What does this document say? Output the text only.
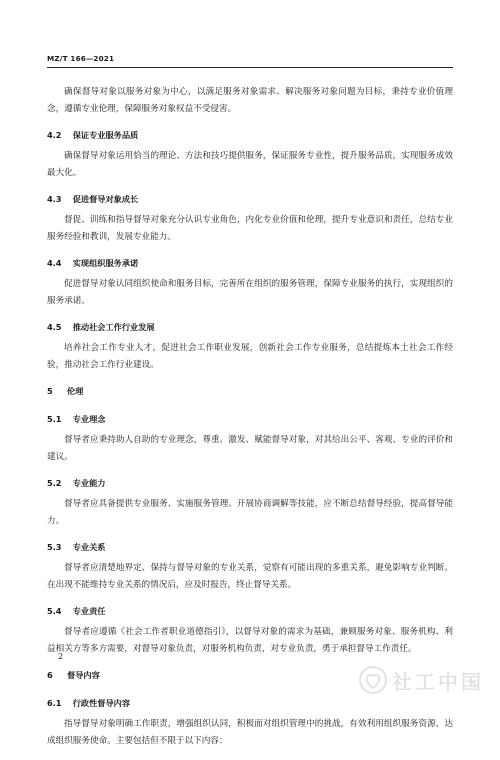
MZ/T 166—2021

确保督导对象以服务对象为中心，以满足服务对象需求、解决服务对象问题为目标，秉持专业价值理念，遵循专业伦理，保障服务对象权益不受侵害。

4.2 保证专业服务品质

确保督导对象运用恰当的理论、方法和技巧提供服务，保证服务专业性，提升服务品质，实现服务成效最大化。

4.3 促进督导对象成长

督促、训练和指导督导对象充分认识专业角色，内化专业价值和伦理，提升专业意识和责任，总结专业服务经验和教训，发展专业能力。

4.4 实现组织服务承诺

促进督导对象认同组织使命和服务目标，完善所在组织的服务管理，保障专业服务的执行，实现组织的服务承诺。

4.5 推动社会工作行业发展

培养社会工作专业人才，促进社会工作职业发展，创新社会工作专业服务，总结提炼本土社会工作经验，推动社会工作行业建设。

5 伦理
5.1 专业理念

督导者应秉持助人自助的专业理念，尊重、激发、赋能督导对象，对其给出公平、客观、专业的评价和建议。

5.2 专业能力

督导者应具备提供专业服务、实施服务管理、开展协商调解等技能，应不断总结督导经验，提高督导能力。

5.3 专业关系

督导者应清楚地界定、保持与督导对象的专业关系，觉察有可能出现的多重关系，避免影响专业判断。在出现不能维持专业关系的情况后，应及时报告，终止督导关系。

5.4 专业责任

督导者应遵循《社会工作者职业道德指引》，以督导对象的需求为基础，兼顾服务对象、服务机构、利益相关方等多方需要，对督导对象负责，对服务机构负责，对专业负责，勇于承担督导工作责任。

6 督导内容
6.1 行政性督导内容

指导督导对象明确工作职责，增强组织认同，积极面对组织管理中的挑战，有效利用组织服务资源，达成组织服务使命。主要包括但不限于以下内容：

2
社工中国
